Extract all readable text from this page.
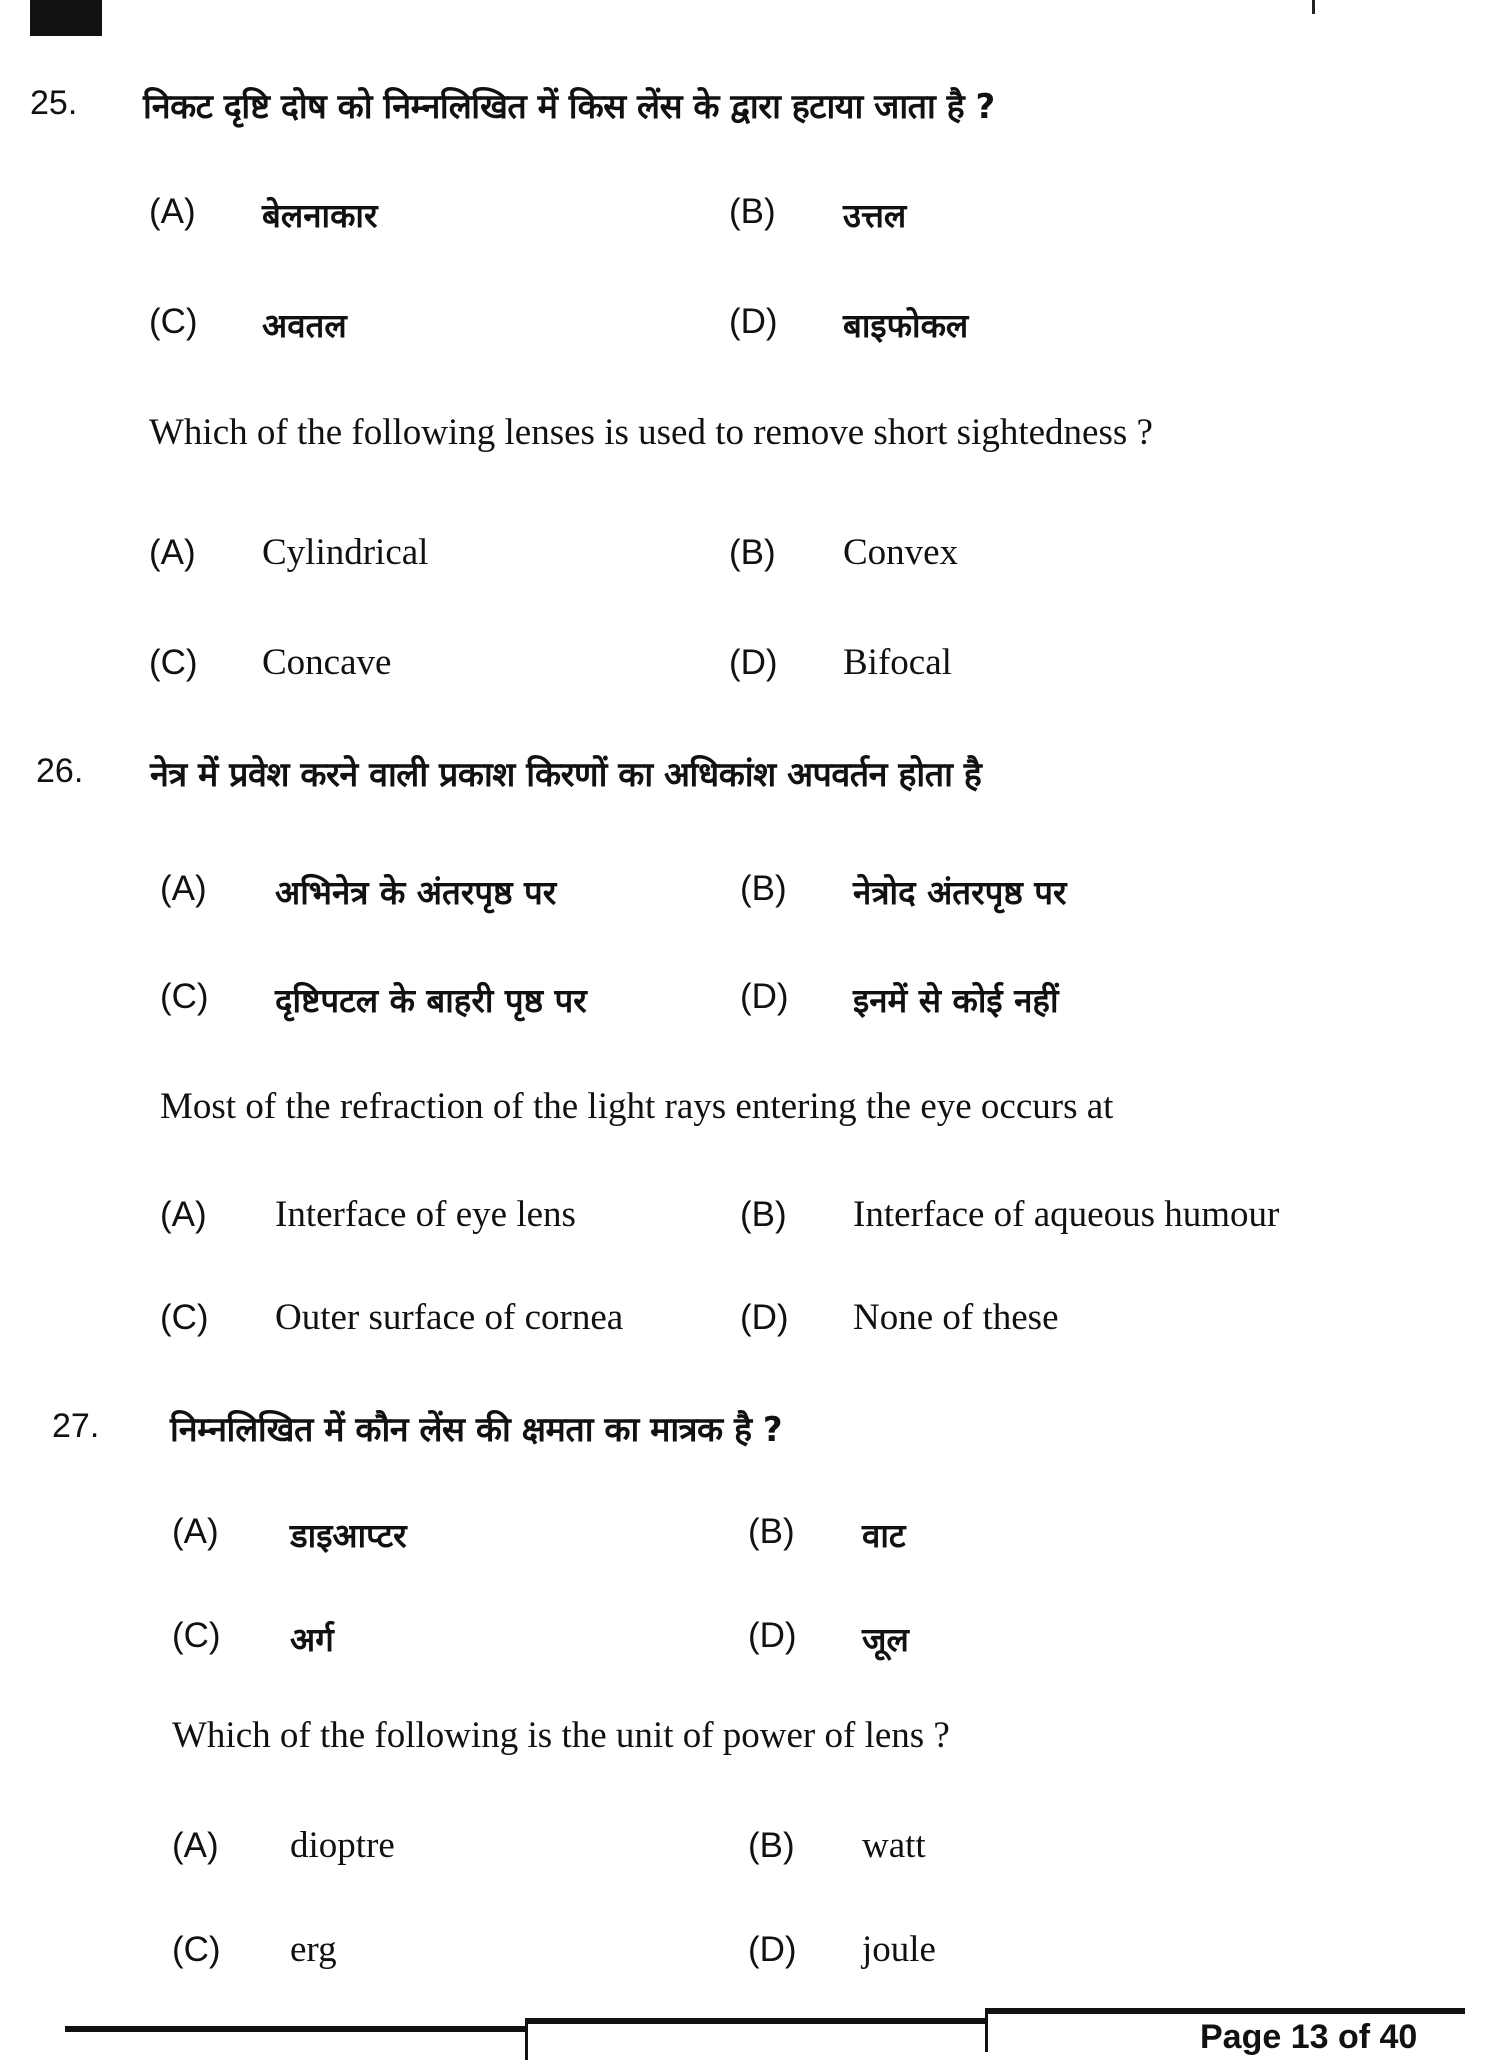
25. निकट दृष्टि दोष को निम्नलिखित में किस लेंस के द्वारा हटाया जाता है ?
(A) बेलनाकार
(A) Cylindrical
(B) उत्तल
(B) Convex
(C) अवतल
(C) Concave
(D) बाइफोकल
(D) Bifocal
Which of the following lenses is used to remove short sightedness ?
26. नेत्र में प्रवेश करने वाली प्रकाश किरणों का अधिकांश अपवर्तन होता है
(A) अभिनेत्र के अंतरपृष्ठ पर
(A) Interface of eye lens
(B) नेत्रोद अंतरपृष्ठ पर
(B) Interface of aqueous humour
(C) दृष्टिपटल के बाहरी पृष्ठ पर
(C) Outer surface of cornea
(D) इनमें से कोई नहीं
(D) None of these
Most of the refraction of the light rays entering the eye occurs at
27. निम्नलिखित में कौन लेंस की क्षमता का मात्रक है ?
(A) डाइआप्टर
(A) dioptre
(B) वाट
(B) watt
(C) अर्ग
(C) erg
(D) जूल
(D) joule
Which of the following is the unit of power of lens ?
Page 13 of 40
